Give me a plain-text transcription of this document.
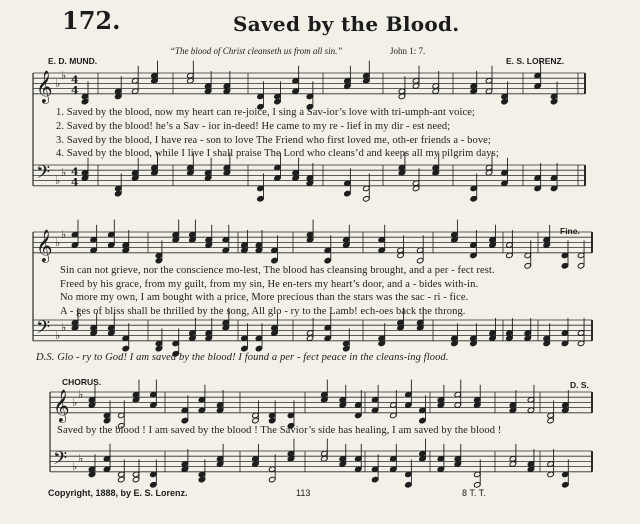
172.	Saved by the Blood.
“The blood of Christ cleanseth us from all sin.”	John 1: 7.
E. D. MUND.	E. S. LORENZ.
𝄞
𝄢
♭
♭
♭
♭
4
4
4
4
𝄞
𝄢
♭
♭
♭
♭
𝄞
𝄢
♭
♭
♭
♭
1. Saved by the blood, now my heart can re-joice, I sing a Sav-ior’s love with tri-umph-ant voice;
2. Saved by the blood! he’s a Sav - ior in-deed! He came to my re - lief in my dir - est need;
3. Saved by the blood, I have rea - son to love The Friend who first loved me, oth-er friends a - bove;
4. Saved by the blood, while I live I shall praise The Lord who cleans’d and keeps all my pilgrim days;
Fine.
Sin can not grieve, nor the conscience mo-lest, The blood has cleansing brought, and a per - fect rest.
Freed by his grace, from my guilt, from my sin, He en-ters my heart’s door, and a - bides with-in.
No more my own, I am bought with a price, More precious than the stars was the sac - ri - fice.
A - ges of bliss shall be thrilled by the song, All glo - ry to the Lamb! ech-oes back the throng.
D.S. Glo - ry to God! I am saved by the blood! I found a per - fect peace in the cleans-ing flood.
CHORUS.	D. S.
Saved by the blood ! I am saved by the blood ! The Savior’s side has healing, I am saved by the blood !
Copyright, 1888, by E. S. Lorenz.	113	8 T. T.
